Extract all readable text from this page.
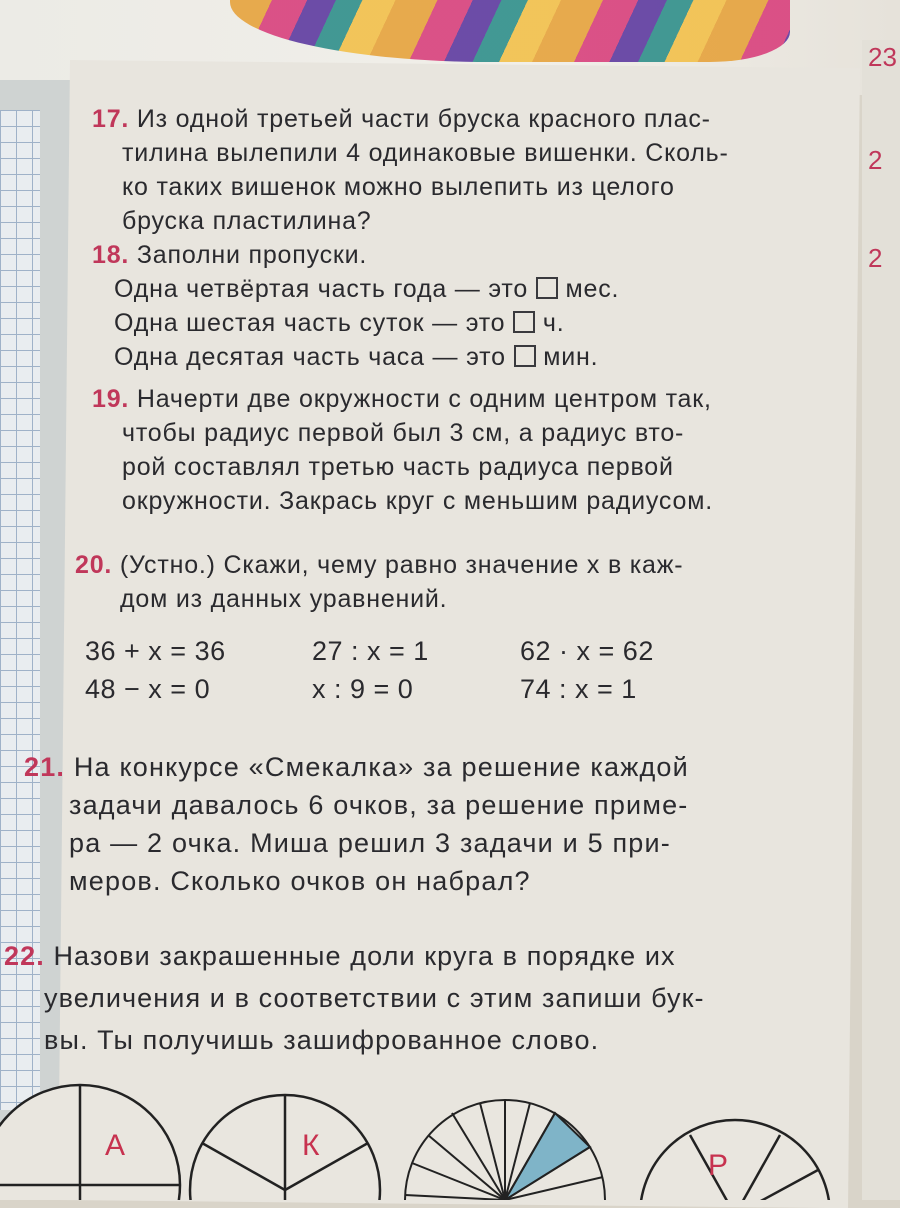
23
2
2
17. Из одной третьей части бруска красного плас-
тилина вылепили 4 одинаковые вишенки. Сколь-
ко таких вишенок можно вылепить из целого
бруска пластилина?
18. Заполни пропуски.
Одна четвёртая часть года — это мес.
Одна шестая часть суток — это ч.
Одна десятая часть часа — это мин.
19. Начерти две окружности с одним центром так,
чтобы радиус первой был 3 см, а радиус вто-
рой составлял третью часть радиуса первой
окружности. Закрась круг с меньшим радиусом.
20. (Устно.) Скажи, чему равно значение x в каж-
дом из данных уравнений.
36 + x = 36	27 : x = 1	62 · x = 62
48 − x = 0	x : 9 = 0	74 : x = 1
21. На конкурсе «Смекалка» за решение каждой
задачи давалось 6 очков, за решение приме-
ра — 2 очка. Миша решил 3 задачи и 5 при-
меров. Сколько очков он набрал?
22. Назови закрашенные доли круга в порядке их
увеличения и в соответствии с этим запиши бук-
вы. Ты получишь зашифрованное слово.
А	К
Р
